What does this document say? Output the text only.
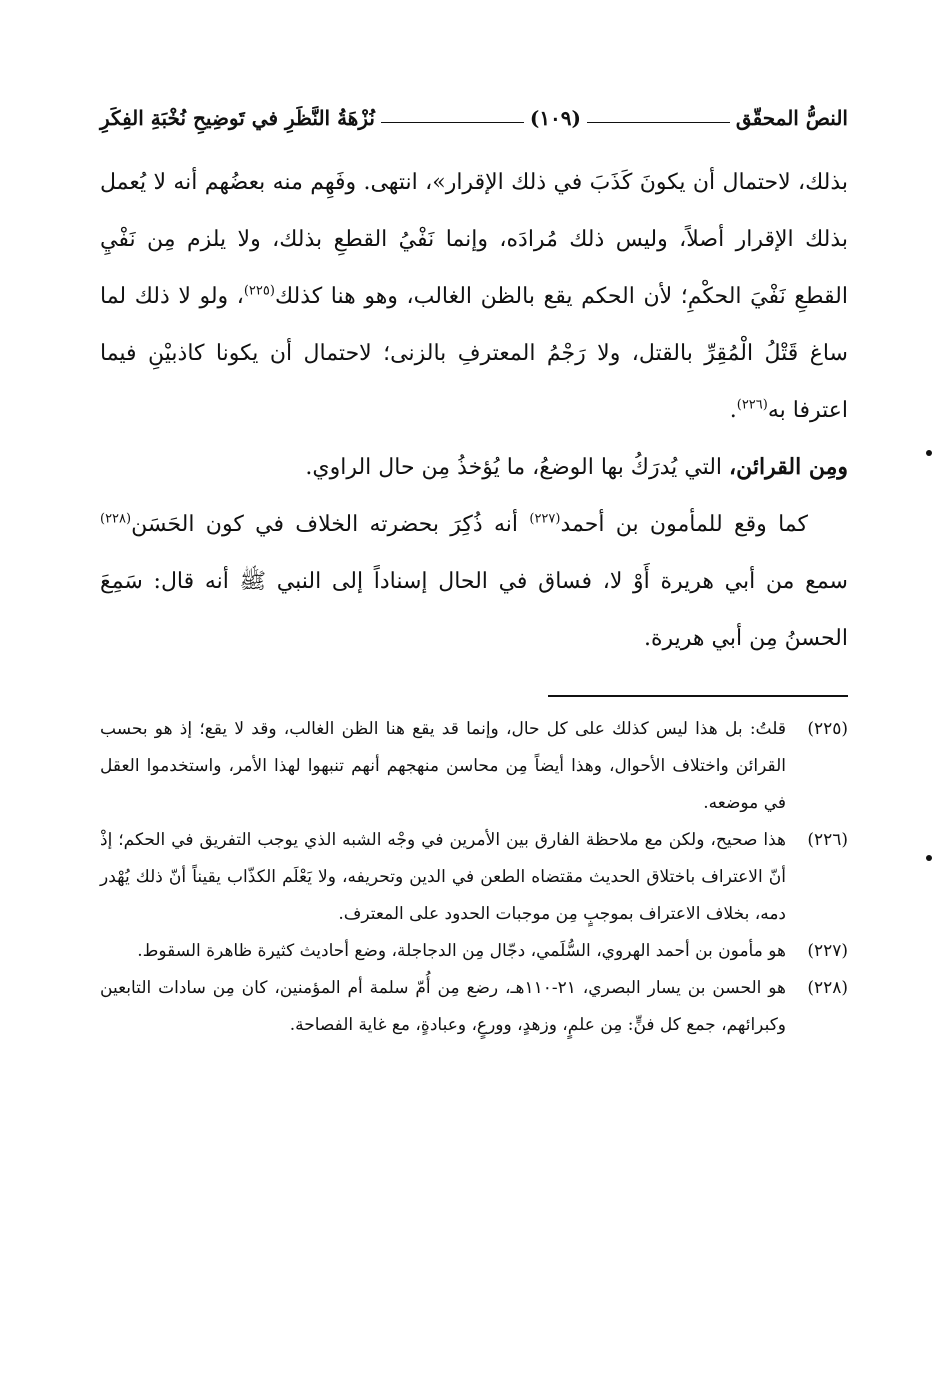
النصُّ المحقّق
(١٠٩)
نُزْهَةُ النَّظَرِ في تَوضِيحِ نُخْبَةِ الفِكَرِ

بذلك، لاحتمال أن يكونَ كَذَبَ في ذلك الإقرار»، انتهى. وفَهِم منه بعضُهم أنه لا يُعمل بذلك الإقرار أصلاً، وليس ذلك مُرادَه، وإنما نَفْيُ القطعِ بذلك، ولا يلزم مِن نَفْيِ القطعِ نَفْيَ الحكْمِ؛ لأن الحكم يقع بالظن الغالب، وهو هنا كذلك$^{(٢٢٥)}$، ولو لا ذلك لما ساغ قَتْلُ الْمُقِرِّ بالقتل، ولا رَجْمُ المعترفِ بالزنى؛ لاحتمال أن يكونا كاذبيْنِ فيما اعترفا به$^{(٢٢٦)}$.

ومِن القرائن، التي يُدرَكُ بها الوضعُ، ما يُؤخذُ مِن حال الراوي.

كما وقع للمأمون بن أحمد$^{(٢٢٧)}$ أنه ذُكِرَ بحضرته الخلاف في كون الحَسَن$^{(٢٢٨)}$ سمع من أبي هريرة أَوْ لا، فساق في الحال إسناداً إلى النبي ﷺ أنه قال: سَمِعَ الحسنُ مِن أبي هريرة.

(٢٢٥)
قلتُ: بل هذا ليس كذلك على كل حال، وإنما قد يقع هنا الظن الغالب، وقد لا يقع؛ إذ هو بحسب القرائن واختلاف الأحوال، وهذا أيضاً مِن محاسن منهجهم أنهم تنبهوا لهذا الأمر، واستخدموا العقل في موضعه.
(٢٢٦)
هذا صحيح، ولكن مع ملاحظة الفارق بين الأمرين في وجْه الشبه الذي يوجب التفريق في الحكم؛ إذْ أنّ الاعتراف باختلاق الحديث مقتضاه الطعن في الدين وتحريفه، ولا يَعْلَم الكذّاب يقيناً أنّ ذلك يُهْدر دمه، بخلاف الاعتراف بموجبٍ مِن موجبات الحدود على المعترف.
(٢٢٧)
هو مأمون بن أحمد الهروي، السُّلَمي، دجّال مِن الدجاجلة، وضع أحاديث كثيرة ظاهرة السقوط.
(٢٢٨)
هو الحسن بن يسار البصري، ٢١-١١٠هـ، رضع مِن أُمّ سلمة أم المؤمنين، كان مِن سادات التابعين وكبرائهم، جمع كل فنٍّ: مِن علمٍ، وزهدٍ، وورعٍ، وعبادةٍ، مع غاية الفصاحة.
